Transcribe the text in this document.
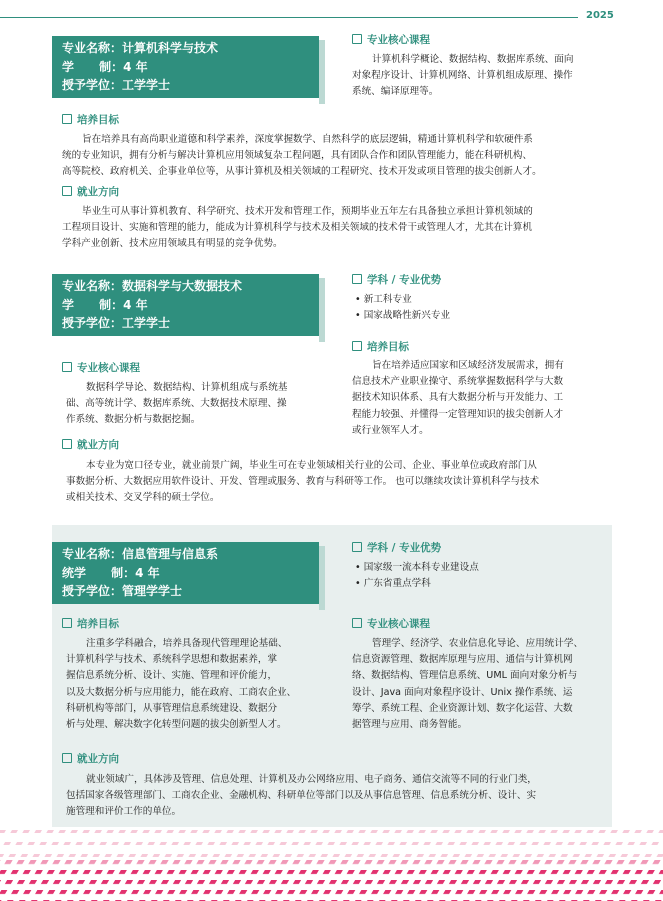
2025
专业名称：计算机科学与技术
学      制：4 年
授予学位：工学学士
专业核心课程
计算机科学概论、数据结构、数据库系统、面向
对象程序设计、计算机网络、计算机组成原理、操作
系统、编译原理等。
培养目标
旨在培养具有高尚职业道德和科学素养，深度掌握数学、自然科学的底层逻辑，精通计算机科学和软硬件系
统的专业知识，拥有分析与解决计算机应用领域复杂工程问题，具有团队合作和团队管理能力，能在科研机构、
高等院校、政府机关、企事业单位等，从事计算机及相关领域的工程研究、技术开发或项目管理的拔尖创新人才。
就业方向
毕业生可从事计算机教育、科学研究、技术开发和管理工作，预期毕业五年左右具备独立承担计算机领域的
工程项目设计、实施和管理的能力，能成为计算机科学与技术及相关领域的技术骨干或管理人才，尤其在计算机
学科产业创新、技术应用领域具有明显的竞争优势。
专业名称：数据科学与大数据技术
学      制：4 年
授予学位：工学学士
学科 / 专业优势
• 新工科专业
• 国家战略性新兴专业
培养目标
旨在培养适应国家和区域经济发展需求，拥有
信息技术产业职业操守、系统掌握数据科学与大数
据技术知识体系、具有大数据分析与开发能力、工
程能力较强、并懂得一定管理知识的拔尖创新人才
或行业领军人才。
专业核心课程
数据科学导论、数据结构、计算机组成与系统基
础、高等统计学、数据库系统、大数据技术原理、操
作系统、数据分析与数据挖掘。
就业方向
本专业为宽口径专业，就业前景广阔，毕业生可在专业领域相关行业的公司、企业、事业单位或政府部门从
事数据分析、大数据应用软件设计、开发、管理或服务、教育与科研等工作。 也可以继续攻读计算机科学与技术
或相关技术、交叉学科的硕士学位。
专业名称：信息管理与信息系
统学      制：4 年
授予学位：管理学学士
学科 / 专业优势
• 国家级一流本科专业建设点
• 广东省重点学科
培养目标
注重多学科融合，培养具备现代管理理论基础、
计算机科学与技术、系统科学思想和数据素养，掌
握信息系统分析、设计、实施、管理和评价能力，
以及大数据分析与应用能力，能在政府、工商农企业、
科研机构等部门，从事管理信息系统建设、数据分
析与处理、解决数字化转型问题的拔尖创新型人才。
专业核心课程
管理学、经济学、农业信息化导论、应用统计学、
信息资源管理、数据库原理与应用、通信与计算机网
络、数据结构、管理信息系统、UML 面向对象分析与
设计、Java 面向对象程序设计、Unix 操作系统、运
筹学、系统工程、企业资源计划、数字化运营、大数
据管理与应用、商务智能。
就业方向
就业领域广，具体涉及管理、信息处理、计算机及办公网络应用、电子商务、通信交流等不同的行业门类，
包括国家各级管理部门、工商农企业、金融机构、科研单位等部门以及从事信息管理、信息系统分析、设计、实
施管理和评价工作的单位。
